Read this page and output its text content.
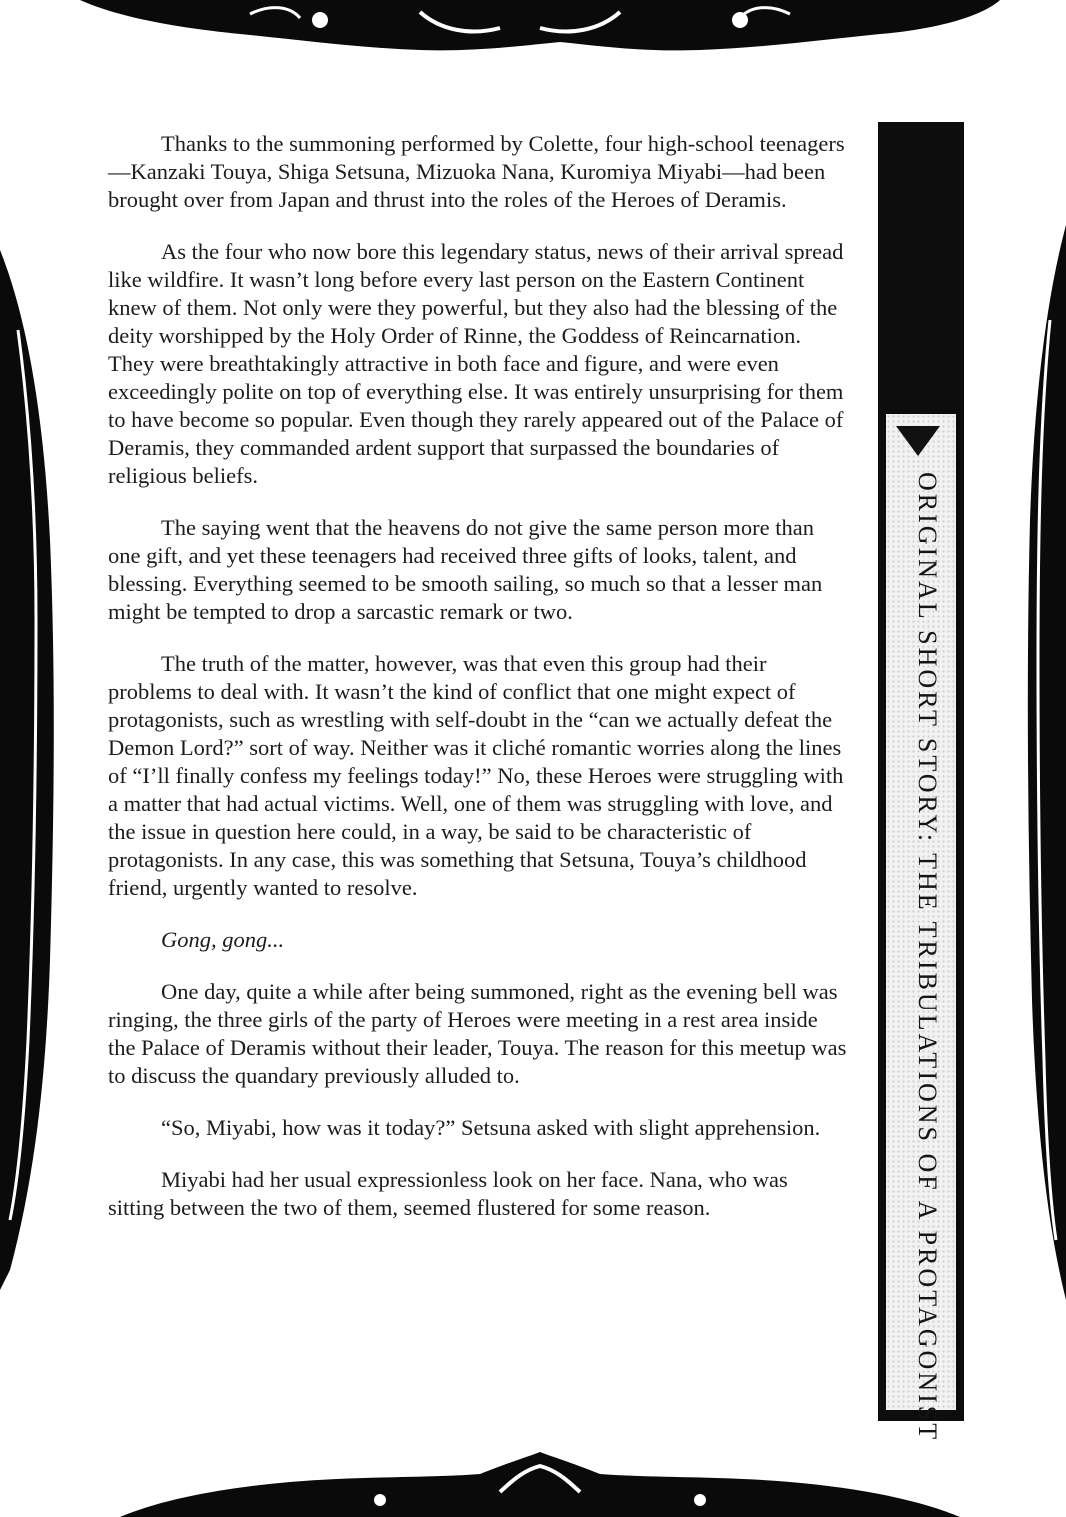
Thanks to the summoning performed by Colette, four high-school teenagers—Kanzaki Touya, Shiga Setsuna, Mizuoka Nana, Kuromiya Miyabi—had been brought over from Japan and thrust into the roles of the Heroes of Deramis.

As the four who now bore this legendary status, news of their arrival spread like wildfire. It wasn’t long before every last person on the Eastern Continent knew of them. Not only were they powerful, but they also had the blessing of the deity worshipped by the Holy Order of Rinne, the Goddess of Reincarnation. They were breathtakingly attractive in both face and figure, and were even exceedingly polite on top of everything else. It was entirely unsurprising for them to have become so popular. Even though they rarely appeared out of the Palace of Deramis, they commanded ardent support that surpassed the boundaries of religious beliefs.

The saying went that the heavens do not give the same person more than one gift, and yet these teenagers had received three gifts of looks, talent, and blessing. Everything seemed to be smooth sailing, so much so that a lesser man might be tempted to drop a sarcastic remark or two.

The truth of the matter, however, was that even this group had their problems to deal with. It wasn’t the kind of conflict that one might expect of protagonists, such as wrestling with self-doubt in the “can we actually defeat the Demon Lord?” sort of way. Neither was it cliché romantic worries along the lines of “I’ll finally confess my feelings today!” No, these Heroes were struggling with a matter that had actual victims. Well, one of them was struggling with love, and the issue in question here could, in a way, be said to be characteristic of protagonists. In any case, this was something that Setsuna, Touya’s childhood friend, urgently wanted to resolve.

Gong, gong...

One day, quite a while after being summoned, right as the evening bell was ringing, the three girls of the party of Heroes were meeting in a rest area inside the Palace of Deramis without their leader, Touya. The reason for this meetup was to discuss the quandary previously alluded to.

“So, Miyabi, how was it today?” Setsuna asked with slight apprehension.

Miyabi had her usual expressionless look on her face. Nana, who was sitting between the two of them, seemed flustered for some reason.	ORIGINAL SHORT STORY: THE TRIBULATIONS OF A PROTAGONIST
